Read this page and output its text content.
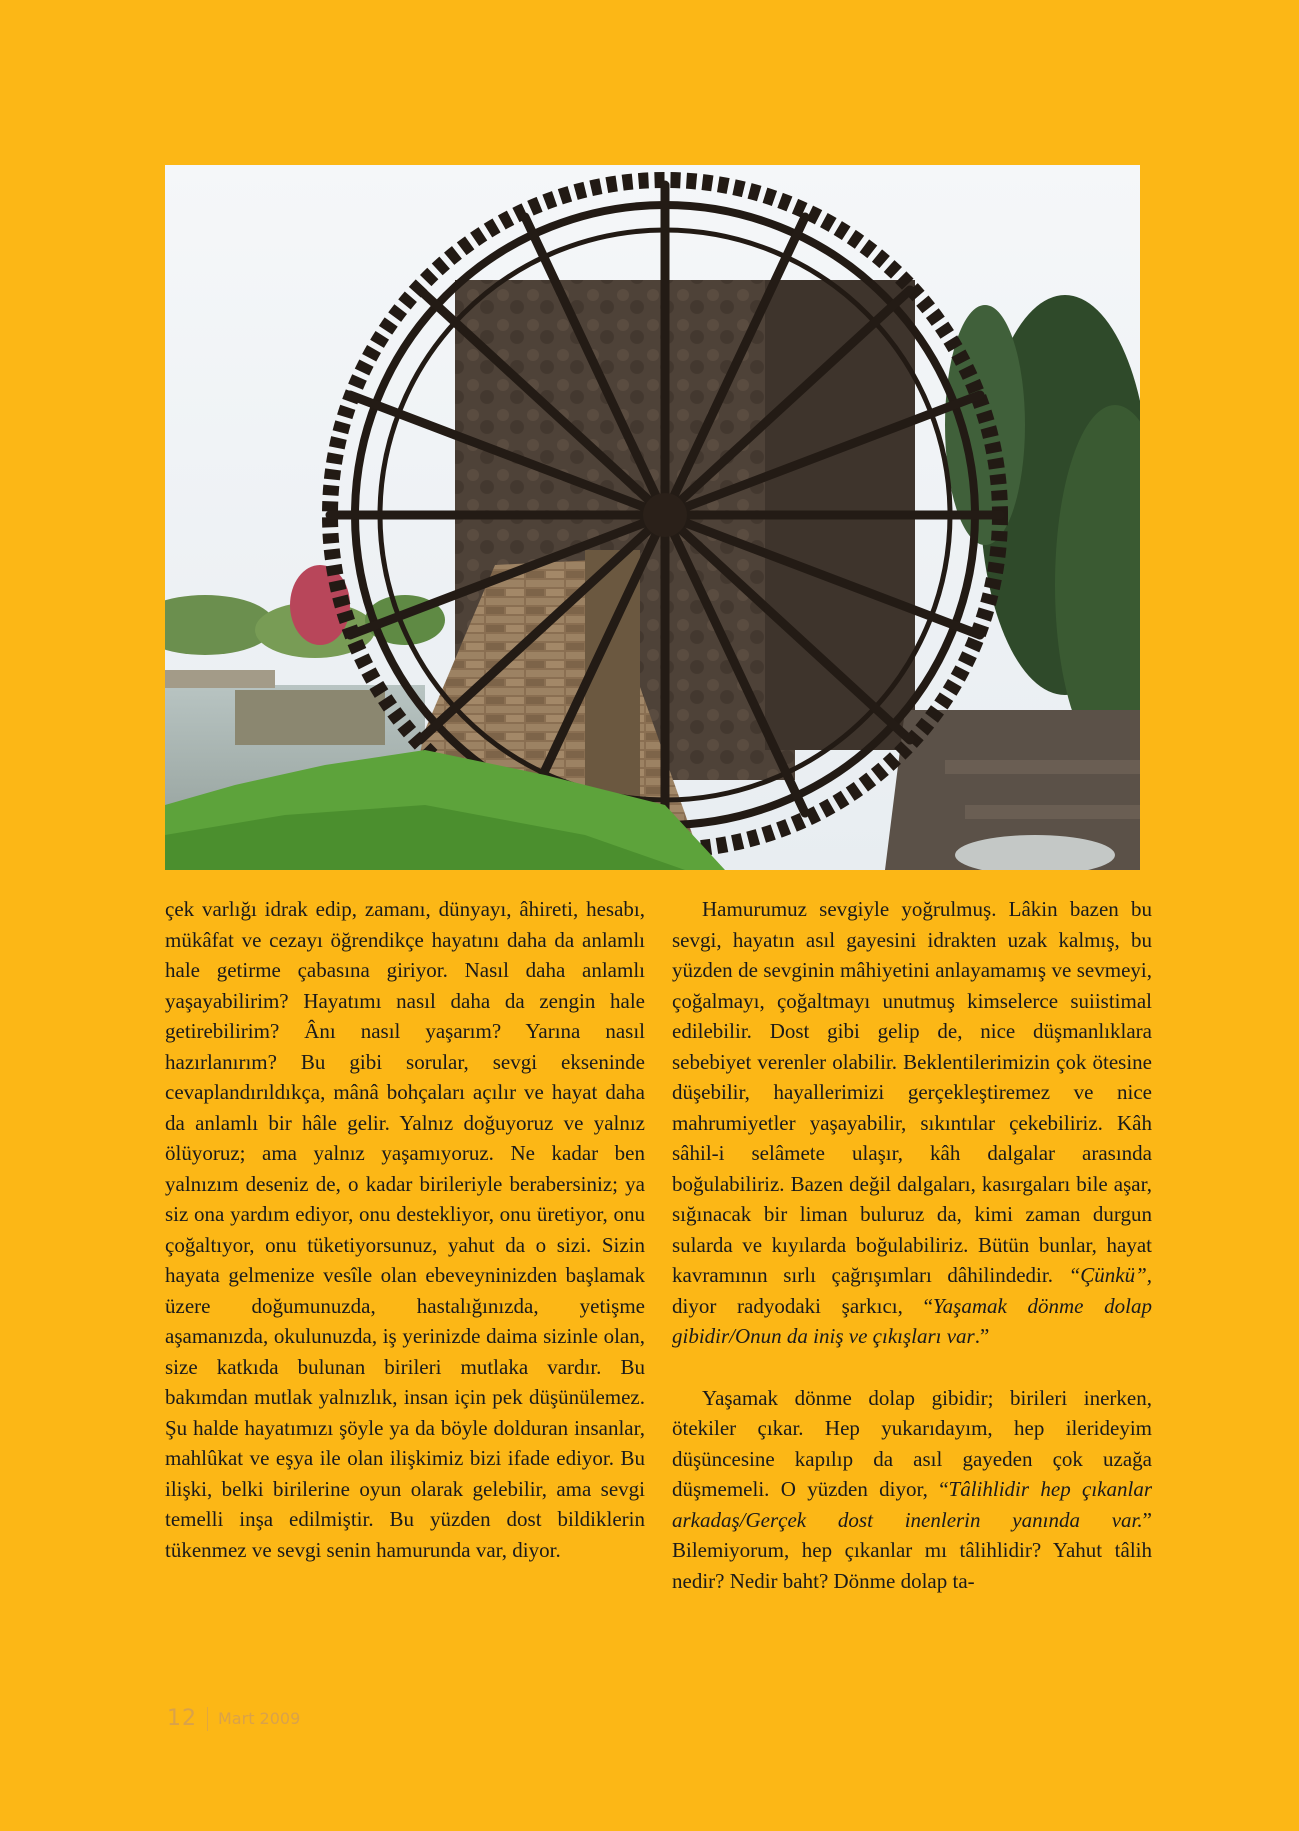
çek varlığı idrak edip, zamanı, dünyayı, âhireti, hesabı, mükâfat ve cezayı öğrendikçe hayatını daha da anlamlı hale getirme çabasına giriyor. Nasıl daha anlamlı yaşayabilirim? Hayatımı nasıl daha da zengin hale getirebilirim? Ânı nasıl yaşarım? Yarına nasıl hazırlanırım? Bu gibi sorular, sevgi ekseninde cevaplandırıldıkça, mânâ bohçaları açılır ve hayat daha da anlamlı bir hâle gelir. Yalnız doğuyoruz ve yalnız ölüyoruz; ama yalnız yaşamıyoruz. Ne kadar ben yalnızım deseniz de, o kadar birileriyle berabersiniz; ya siz ona yardım ediyor, onu destekliyor, onu üretiyor, onu çoğaltıyor, onu tüketiyorsunuz, yahut da o sizi. Sizin hayata gelmenize vesîle olan ebeveyninizden başlamak üzere doğumunuzda, hastalığınızda, yetişme aşamanızda, okulunuzda, iş yerinizde daima sizinle olan, size katkıda bulunan birileri mutlaka vardır. Bu bakımdan mutlak yalnızlık, insan için pek düşünülemez. Şu halde hayatımızı şöyle ya da böyle dolduran insanlar, mahlûkat ve eşya ile olan ilişkimiz bizi ifade ediyor. Bu ilişki, belki birilerine oyun olarak gelebilir, ama sevgi temelli inşa edilmiştir. Bu yüzden dost bildiklerin tükenmez ve sevgi senin hamurunda var, diyor.

Hamurumuz sevgiyle yoğrulmuş. Lâkin bazen bu sevgi, hayatın asıl gayesini idrakten uzak kalmış, bu yüzden de sevginin mâhiyetini anlayamamış ve sevmeyi, çoğalmayı, çoğaltmayı unutmuş kimselerce suiistimal edilebilir. Dost gibi gelip de, nice düşmanlıklara sebebiyet verenler olabilir. Beklentilerimizin çok ötesine düşebilir, hayallerimizi gerçekleştiremez ve nice mahrumiyetler yaşayabilir, sıkıntılar çekebiliriz. Kâh sâhil-i selâmete ulaşır, kâh dalgalar arasında boğulabiliriz. Bazen değil dalgaları, kasırgaları bile aşar, sığınacak bir liman buluruz da, kimi zaman durgun sularda ve kıyılarda boğulabiliriz. Bütün bunlar, hayat kavramının sırlı çağrışımları dâhilindedir. “Çünkü”, diyor radyodaki şarkıcı, “Yaşamak dönme dolap gibidir/Onun da iniş ve çıkışları var.”

Yaşamak dönme dolap gibidir; birileri inerken, ötekiler çıkar. Hep yukarıdayım, hep ilerideyim düşüncesine kapılıp da asıl gayeden çok uzağa düşmemeli. O yüzden diyor, “Tâlihlidir hep çıkanlar arkadaş/Gerçek dost inenlerin yanında var.” Bilemiyorum, hep çıkanlar mı tâlihlidir? Yahut tâlih nedir? Nedir baht? Dönme dolap ta-

12 Mart 2009
